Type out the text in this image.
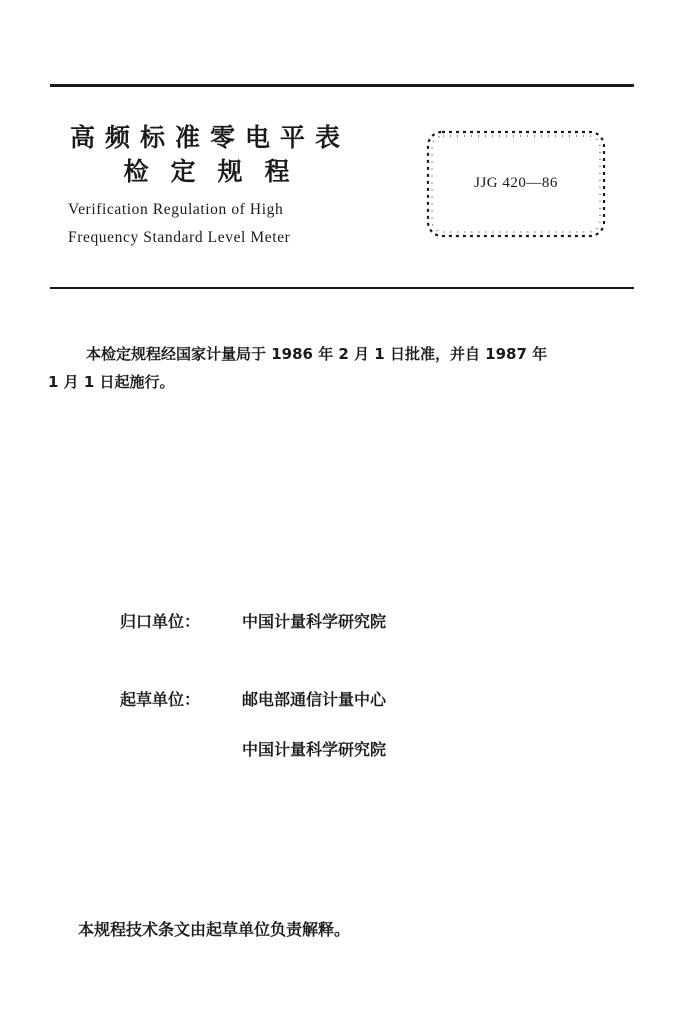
高频标准零电平表
检定规程
Verification Regulation of High
Frequency Standard Level Meter
JJG 420—86
本检定规程经国家计量局于 1986 年 2 月 1 日批准，并自 1987 年
1 月 1 日起施行。
归口单位：	中国计量科学研究院
起草单位：	邮电部通信计量中心
中国计量科学研究院
本规程技术条文由起草单位负责解释。
